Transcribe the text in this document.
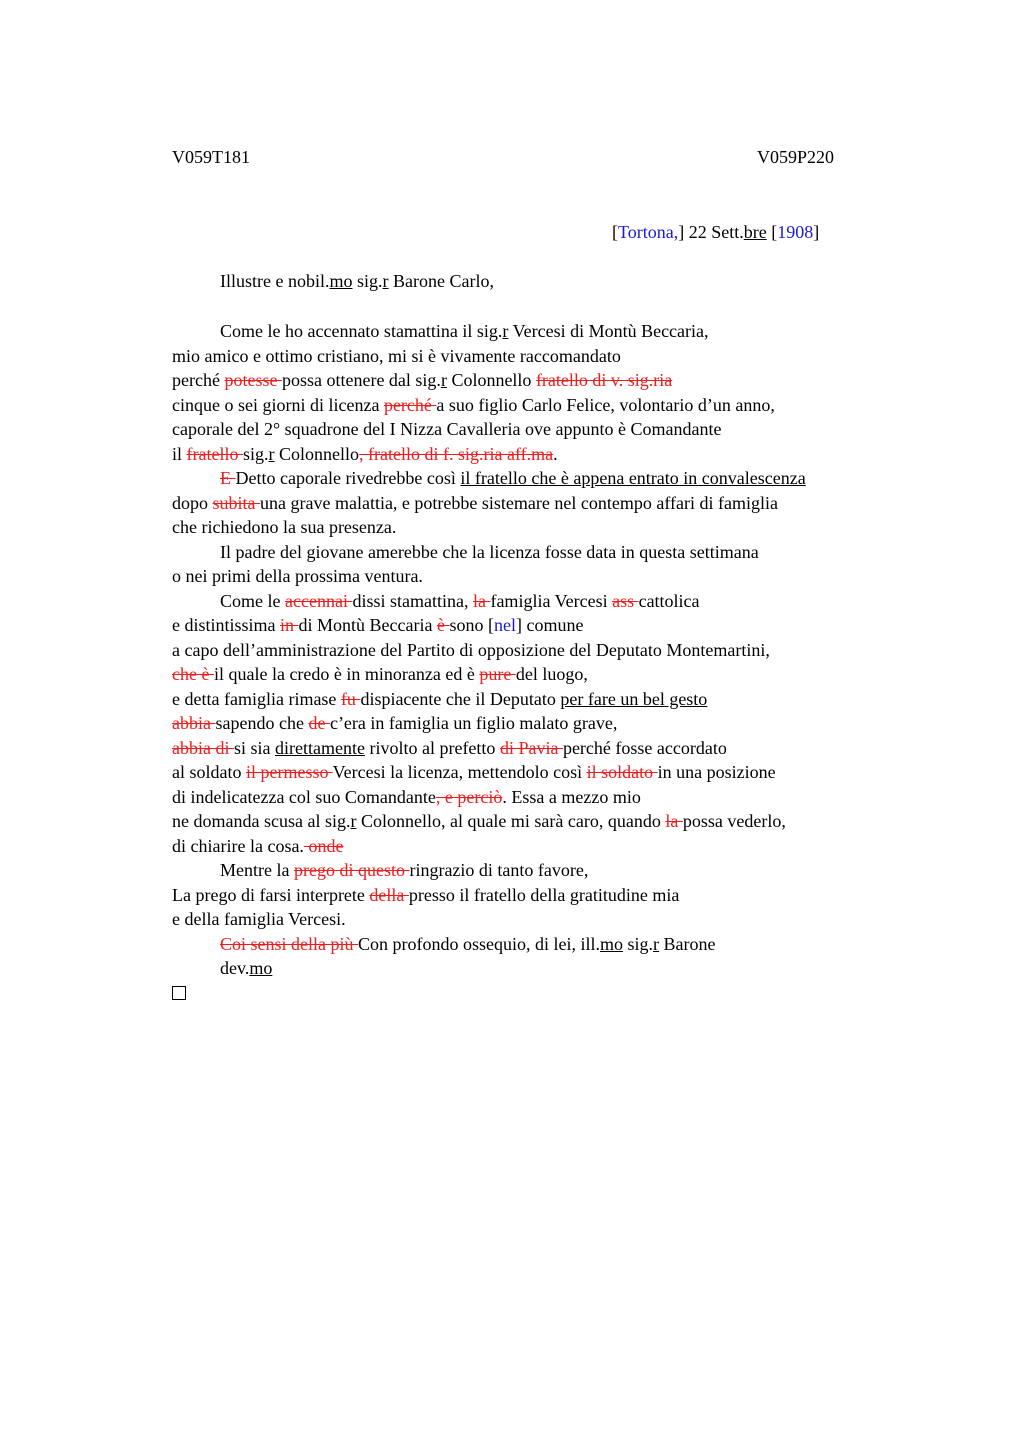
V059T181	V059P220
[Tortona,] 22 Sett.bre [1908]
Illustre e nobil.mo sig.r Barone Carlo,
Come le ho accennato stamattina il sig.r Vercesi di Montù Beccaria,
mio amico e ottimo cristiano, mi si è vivamente raccomandato
perché potesse possa ottenere dal sig.r Colonnello fratello di v. sig.ria
cinque o sei giorni di licenza perché a suo figlio Carlo Felice, volontario d’un anno,
caporale del 2° squadrone del I Nizza Cavalleria ove appunto è Comandante
il fratello sig.r Colonnello, fratello di f. sig.ria aff.ma.
E Detto caporale rivedrebbe così il fratello che è appena entrato in convalescenza
dopo subita una grave malattia, e potrebbe sistemare nel contempo affari di famiglia
che richiedono la sua presenza.
Il padre del giovane amerebbe che la licenza fosse data in questa settimana
o nei primi della prossima ventura.
Come le accennai dissi stamattina, la famiglia Vercesi ass cattolica
e distintissima in di Montù Beccaria è sono [nel] comune
a capo dell’amministrazione del Partito di opposizione del Deputato Montemartini,
che è il quale la credo è in minoranza ed è pure del luogo,
e detta famiglia rimase fu dispiacente che il Deputato per fare un bel gesto
abbia sapendo che de c’era in famiglia un figlio malato grave,
abbia di si sia direttamente rivolto al prefetto di Pavia perché fosse accordato
al soldato il permesso Vercesi la licenza, mettendolo così il soldato in una posizione
di indelicatezza col suo Comandante, e perciò. Essa a mezzo mio
ne domanda scusa al sig.r Colonnello, al quale mi sarà caro, quando la possa vederlo,
di chiarire la cosa. onde
Mentre la prego di questo ringrazio di tanto favore,
La prego di farsi interprete della presso il fratello della gratitudine mia
e della famiglia Vercesi.
Coi sensi della più Con profondo ossequio, di lei, ill.mo sig.r Barone
dev.mo
